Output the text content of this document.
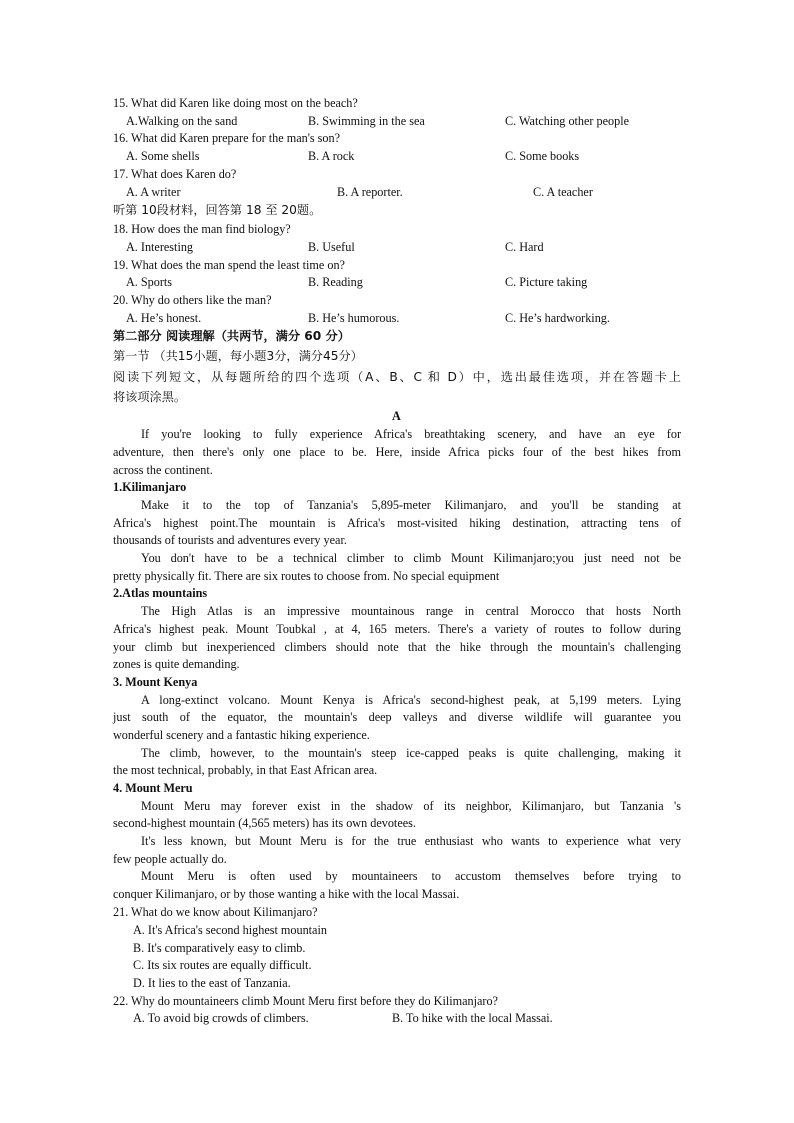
15. What did Karen like doing most on the beach?
A.Walking on the sand	B. Swimming in the sea	C. Watching other people
16. What did Karen prepare for the man's son?
A. Some shells	B. A rock	C. Some books
17. What does Karen do?
A. A writer	B. A reporter.	C. A teacher
听第 10段材料，回答第 18 至 20题。
18. How does the man find biology?
A. Interesting	B. Useful	C. Hard
19. What does the man spend the least time on?
A. Sports	B. Reading	C. Picture taking
20. Why do others like the man?
A. He’s honest.	B. He’s humorous.	C. He’s hardworking.
第二部分 阅读理解（共两节，满分 60 分）
第一节 （共15小题，每小题3分，满分45分）
阅读下列短文，从每题所给的四个选项（A、B、C 和 D）中，选出最佳选项，并在答题卡上
将该项涂黑。
A
If you're looking to fully experience Africa's breathtaking scenery, and have an eye for
adventure, then there's only one place to be. Here, inside Africa picks four of the best hikes from
across the continent.
1.Kilimanjaro
Make it to the top of Tanzania's 5,895-meter Kilimanjaro, and you'll be standing at
Africa's highest point.The mountain is Africa's most-visited hiking destination, attracting tens of
thousands of tourists and adventures every year.
You don't have to be a technical climber to climb Mount Kilimanjaro;you just need not be
pretty physically fit. There are six routes to choose from. No special equipment
2.Atlas mountains
The High Atlas is an impressive mountainous range in central Morocco that hosts North
Africa's highest peak. Mount Toubkal , at 4, 165 meters. There's a variety of routes to follow during
your climb but inexperienced climbers should note that the hike through the mountain's challenging
zones is quite demanding.
3. Mount Kenya
A long-extinct volcano. Mount Kenya is Africa's second-highest peak, at 5,199 meters. Lying
just south of the equator, the mountain's deep valleys and diverse wildlife will guarantee you
wonderful scenery and a fantastic hiking experience.
The climb, however, to the mountain's steep ice-capped peaks is quite challenging, making it
the most technical, probably, in that East African area.
4. Mount Meru
Mount Meru may forever exist in the shadow of its neighbor, Kilimanjaro, but Tanzania 's
second-highest mountain (4,565 meters) has its own devotees.
It's less known, but Mount Meru is for the true enthusiast who wants to experience what very
few people actually do.
Mount Meru is often used by mountaineers to accustom themselves before trying to
conquer Kilimanjaro, or by those wanting a hike with the local Massai.
21. What do we know about Kilimanjaro?
A. It's Africa's second highest mountain
B. It's comparatively easy to climb.
C. Its six routes are equally difficult.
D. It lies to the east of Tanzania.
22. Why do mountaineers climb Mount Meru first before they do Kilimanjaro?
A. To avoid big crowds of climbers.	B. To hike with the local Massai.
